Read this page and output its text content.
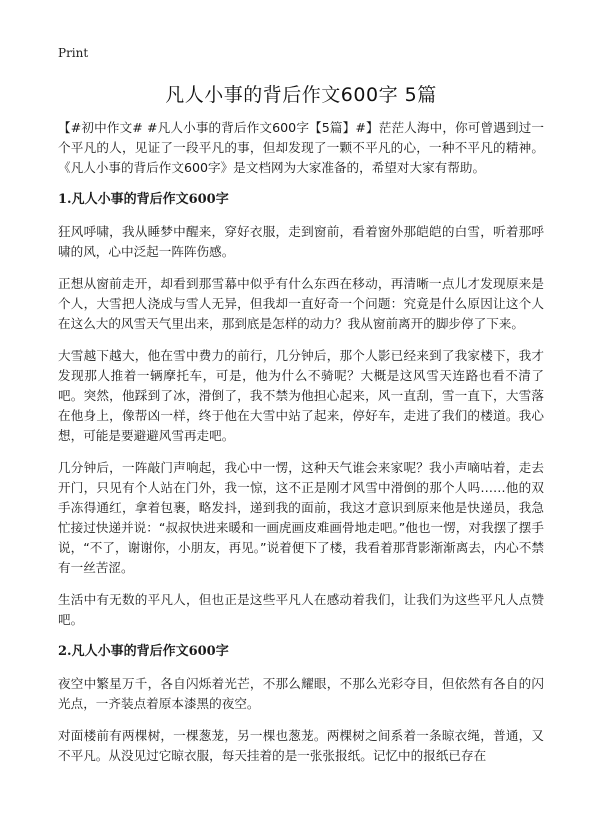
Print
凡人小事的背后作文600字 5篇

【#初中作文# #凡人小事的背后作文600字【5篇】#】茫茫人海中，你可曾遇到过一个平凡的人，见证了一段平凡的事，但却发现了一颗不平凡的心，一种不平凡的精神。《凡人小事的背后作文600字》是文档网为大家准备的，希望对大家有帮助。

1.凡人小事的背后作文600字

狂风呼啸，我从睡梦中醒来，穿好衣服，走到窗前，看着窗外那皑皑的白雪，听着那呼啸的风，心中泛起一阵阵伤感。

正想从窗前走开，却看到那雪幕中似乎有什么东西在移动，再清晰一点儿才发现原来是个人，大雪把人浇成与雪人无异，但我却一直好奇一个问题：究竟是什么原因让这个人在这么大的风雪天气里出来，那到底是怎样的动力？我从窗前离开的脚步停了下来。

大雪越下越大，他在雪中费力的前行，几分钟后，那个人影已经来到了我家楼下，我才发现那人推着一辆摩托车，可是，他为什么不骑呢？大概是这风雪天连路也看不清了吧。突然，他踩到了冰，滑倒了，我不禁为他担心起来，风一直刮，雪一直下，大雪落在他身上，像帮凶一样，终于他在大雪中站了起来，停好车，走进了我们的楼道。我心想，可能是要避避风雪再走吧。

几分钟后，一阵敲门声响起，我心中一愣，这种天气谁会来家呢？我小声嘀咕着，走去开门，只见有个人站在门外，我一惊，这不正是刚才风雪中滑倒的那个人吗……他的双手冻得通红，拿着包裹，略发抖，递到我的面前，我这才意识到原来他是快递员，我急忙接过快递并说：“叔叔快进来暖和一画虎画皮难画骨地走吧。”他也一愣，对我摆了摆手说，“不了，谢谢你，小朋友，再见。”说着便下了楼，我看着那背影渐渐离去，内心不禁有一丝苦涩。

生活中有无数的平凡人，但也正是这些平凡人在感动着我们，让我们为这些平凡人点赞吧。

2.凡人小事的背后作文600字

夜空中繁星万千，各自闪烁着光芒，不那么耀眼，不那么光彩夺目，但依然有各自的闪光点，一齐装点着原本漆黑的夜空。

对面楼前有两棵树，一棵葱茏，另一棵也葱茏。两棵树之间系着一条晾衣绳，普通，又不平凡。从没见过它晾衣服，每天挂着的是一张张报纸。记忆中的报纸已存在
